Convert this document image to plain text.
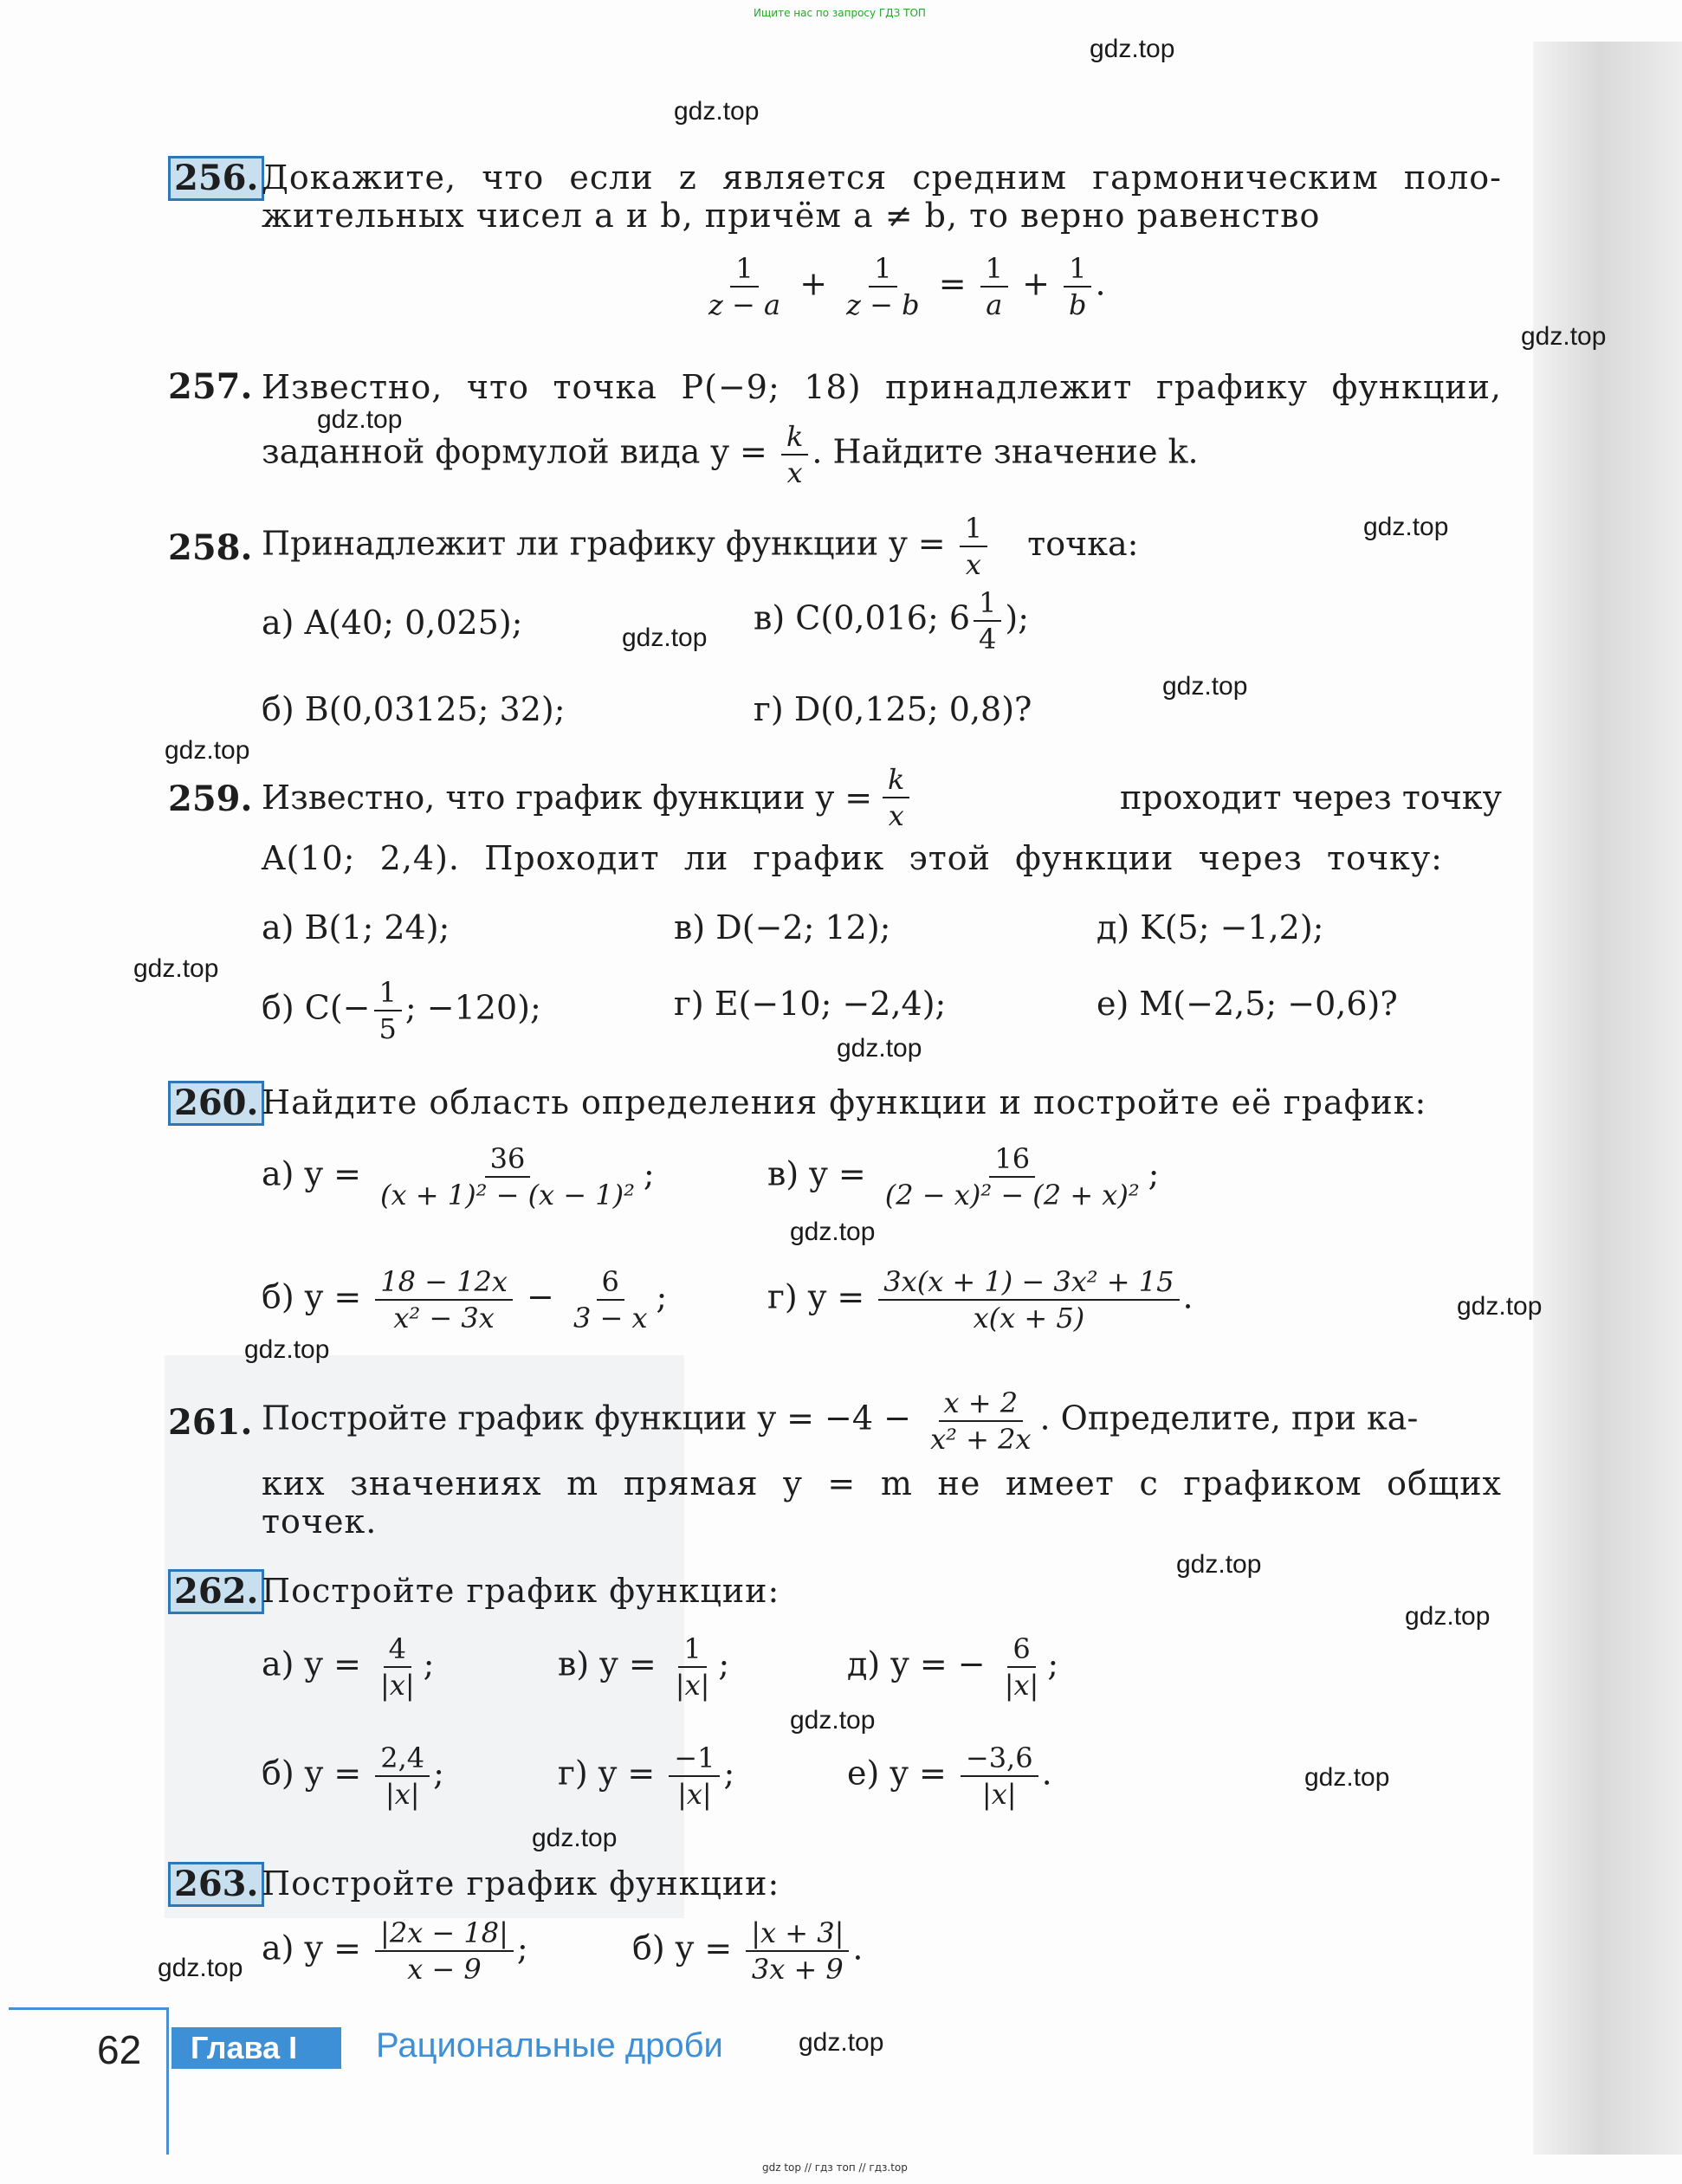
Ищите нас по запросу ГДЗ ТОП
gdz top // гдз топ // гдз.top
gdz.top
gdz.top
gdz.top
gdz.top
gdz.top
gdz.top
gdz.top
gdz.top
gdz.top
gdz.top
gdz.top
gdz.top
gdz.top
gdz.top
gdz.top
gdz.top
gdz.top
gdz.top
gdz.top
gdz.top
256. Докажите, что если z является средним гармоническим поло-
жительных чисел a и b, причём a ≠ b, то верно равенство
$\frac{1}{z - a} + \frac{1}{z - b} = \frac{1}{a} + \frac{1}{b}$ .
257. Известно, что точка P(−9; 18) принадлежит графику функции,
заданной формулой вида $y = \frac{k}{x}$ . Найдите значение k.
258. Принадлежит ли графику функции $y = \frac{1}{x}$ точка:
а) A(40; 0,025);	в) C(0,016; $6 \frac{1}{4}$ );
б) B(0,03125; 32);	г) D(0,125; 0,8)?
259. Известно, что график функции $y = \frac{k}{x}$	проходит через точку
A(10; 2,4). Проходит ли график этой функции через точку:
а) B(1; 24);	в) D(−2; 12);	д) K(5; −1,2);
б) $C(- \frac{1}{5}$ ; −120);	г) E(−10; −2,4);	е) M(−2,5; −0,6)?
260. Найдите область определения функции и постройте её график:
а) $y = \frac{36}{\text{(x + 1)² − (x − 1)²}}$ ;	в) $y = \frac{16}{\text{(2 − x)² − (2 + x)²}}$ ;
б) $y = \frac{18 - 12x}{\text{x² − 3x}} - \frac{6}{3 - x}$ ;	г) $y = \frac{\text{3x(x + 1) − 3x² + 15}}{x(x + 5)}$ .
261. Постройте график функции $y = -4 - \frac{x + 2}{\text{x² + 2x}}$ . Определите, при ка-
ких значениях m прямая y = m не имеет с графиком общих
точек.
262. Постройте график функции:
а) $y = \frac{4}{|x|}$ ;	в) $y = \frac{1}{|x|}$ ;	д) y = − $\frac{6}{|x|}$ ;
б) $y = \frac{2,4}{|x|}$ ;	г) $y = \frac{-1}{|x|}$ ;	е) $y = \frac{-3,6}{|x|}$ .
263. Постройте график функции:
а) $y = \frac{|2x - 18|}{x - 9}$ ;	б) $y = \frac{|x + 3|}{3x + 9}$ .
62	Глава I	Рациональные дроби
